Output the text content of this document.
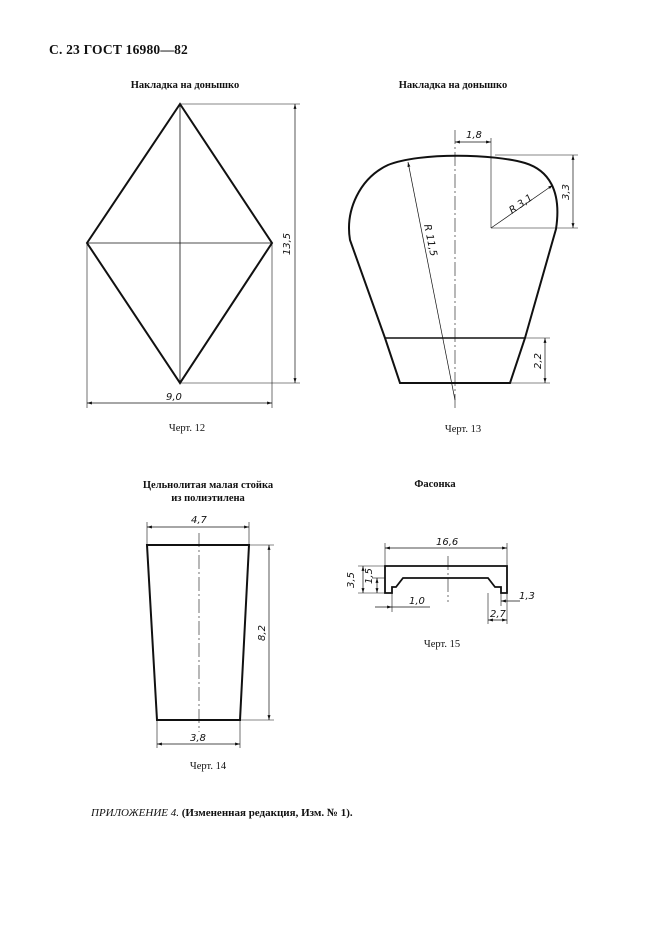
С. 23 ГОСТ 16980—82
Накладка на донышко	Накладка на донышко
Цельнолитая малая стойка
из полиэтилена
Фасонка
Черт. 12	Черт. 13
Черт. 14
Черт. 15
13,5
9,0
1,8
R 3,1
R 11,5
3,3
2,2
4,7
8,2
3,8
16,6
3,5 1,5
1,0	1,3
2,7
ПРИЛОЖЕНИЕ 4. (Измененная редакция, Изм. № 1).
